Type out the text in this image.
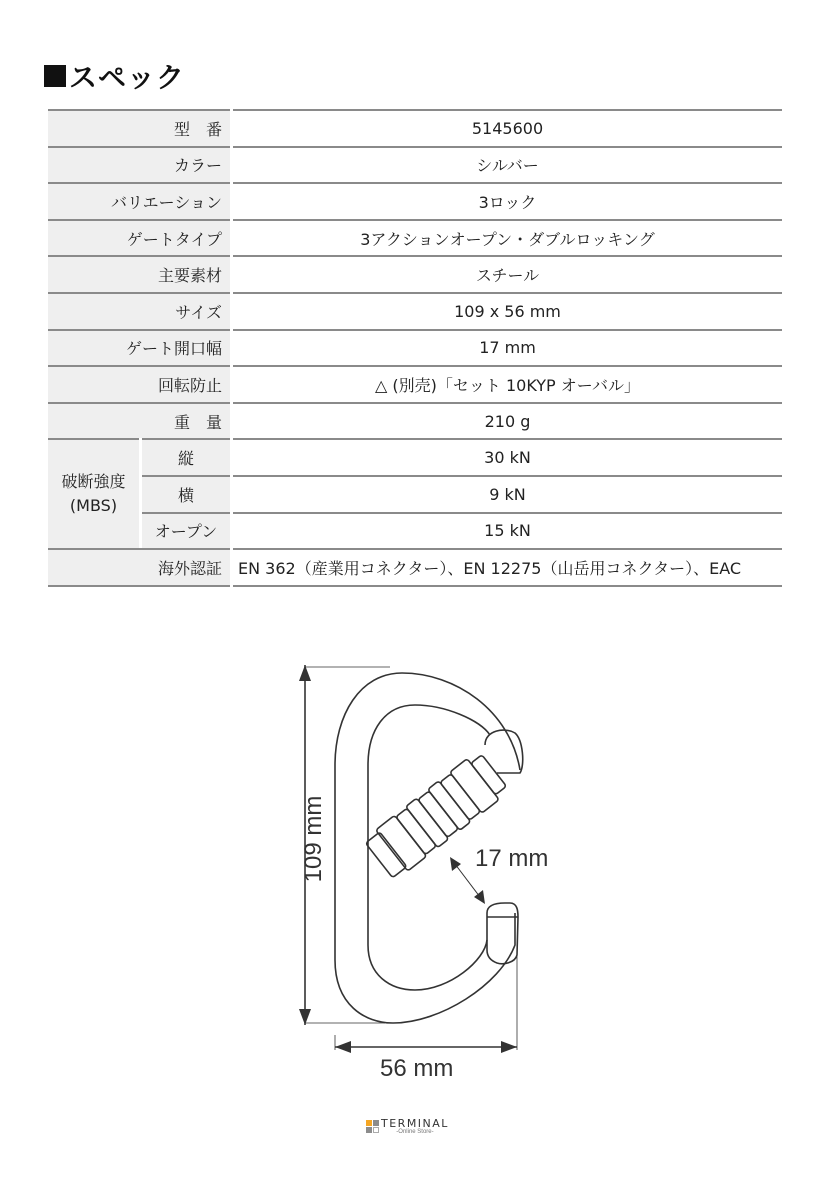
スペック
型　番	5145600
カラー	シルバー
バリエーション	3ロック
ゲートタイプ	3アクションオープン・ダブルロッキング
主要素材	スチール
サイズ	109 x 56 mm
ゲート開口幅	17 mm
回転防止	△ (別売)「セット 10KYP オーバル」
重　量	210 g
破断強度
(MBS)
縦	30 kN
横	9 kN
オープン	15 kN
海外認証	EN 362（産業用コネクター）、EN 12275（山岳用コネクター）、EAC
109 mm	17 mm
56 mm
TERMINAL
-Online Store-
